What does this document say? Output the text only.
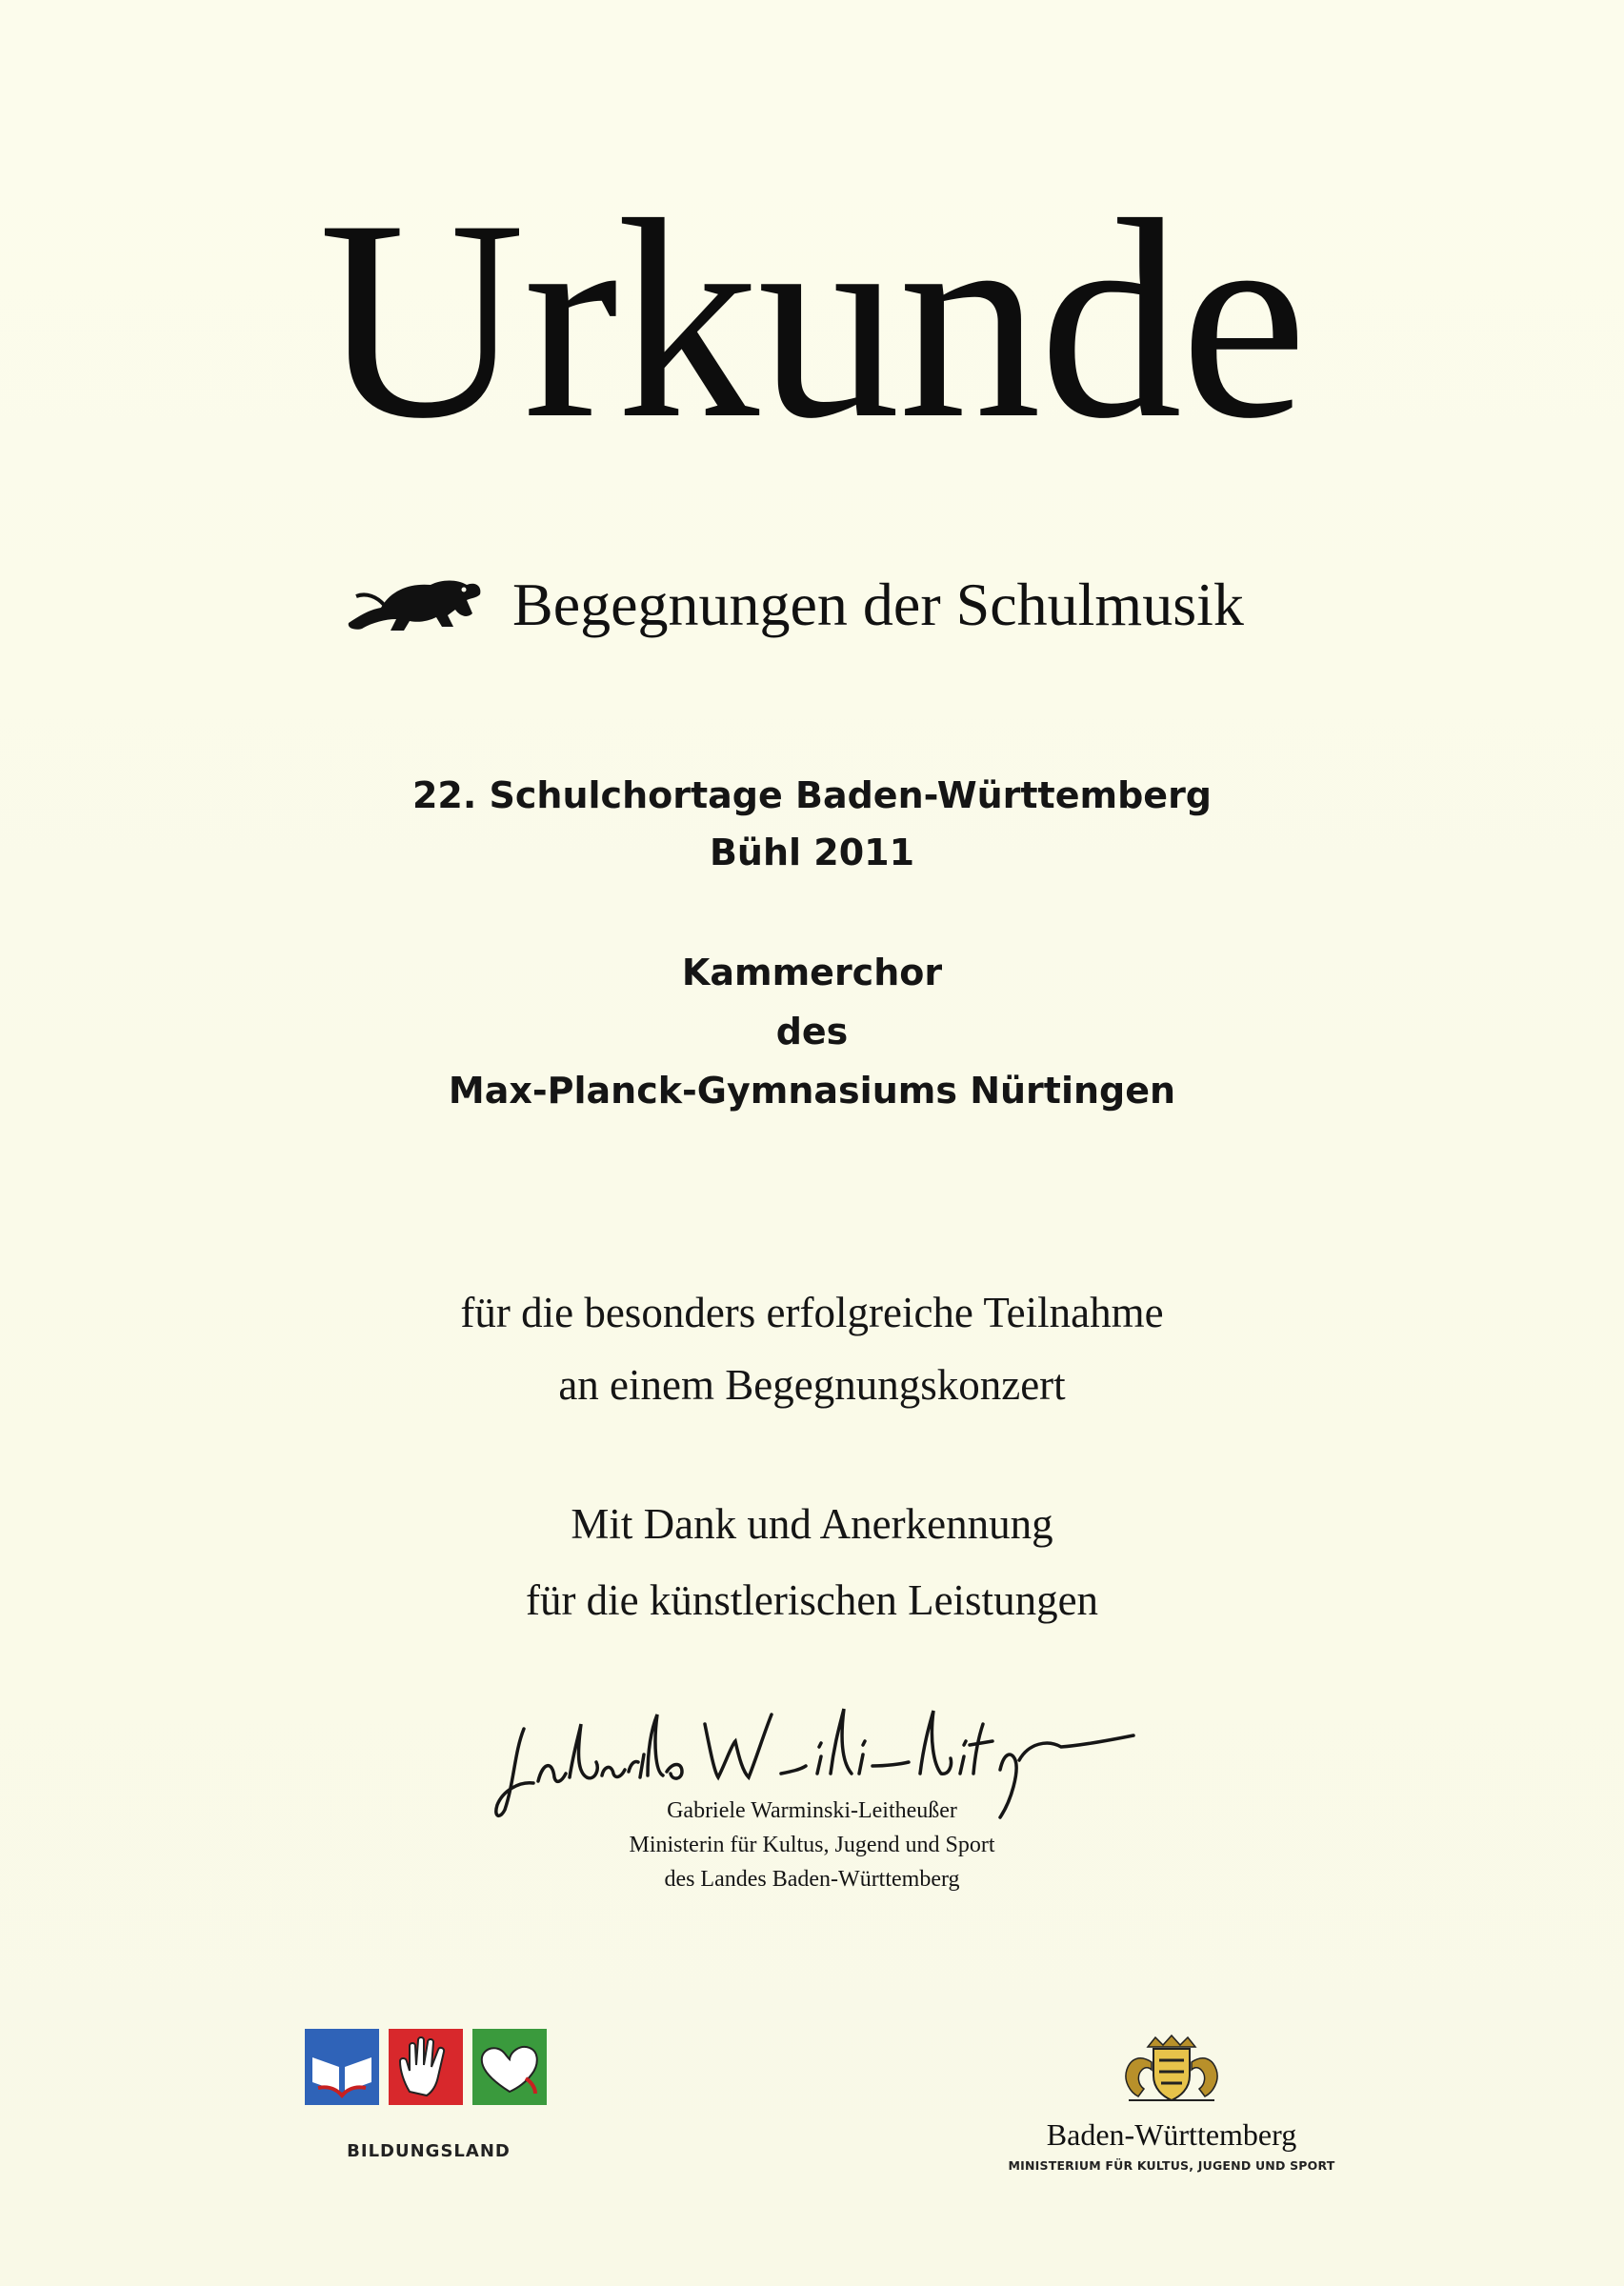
Urkunde
Begegnungen der Schulmusik
22. Schulchortage Baden-Württemberg
Bühl 2011
Kammerchor
des
Max-Planck-Gymnasiums Nürtingen
für die besonders erfolgreiche Teilnahme
an einem Begegnungskonzert
Mit Dank und Anerkennung
für die künstlerischen Leistungen
Gabriele Warminski-Leitheußer
Ministerin für Kultus, Jugend und Sport
des Landes Baden-Württemberg
BILDUNGSLAND	Baden-Württemberg
MINISTERIUM FÜR KULTUS, JUGEND UND SPORT
